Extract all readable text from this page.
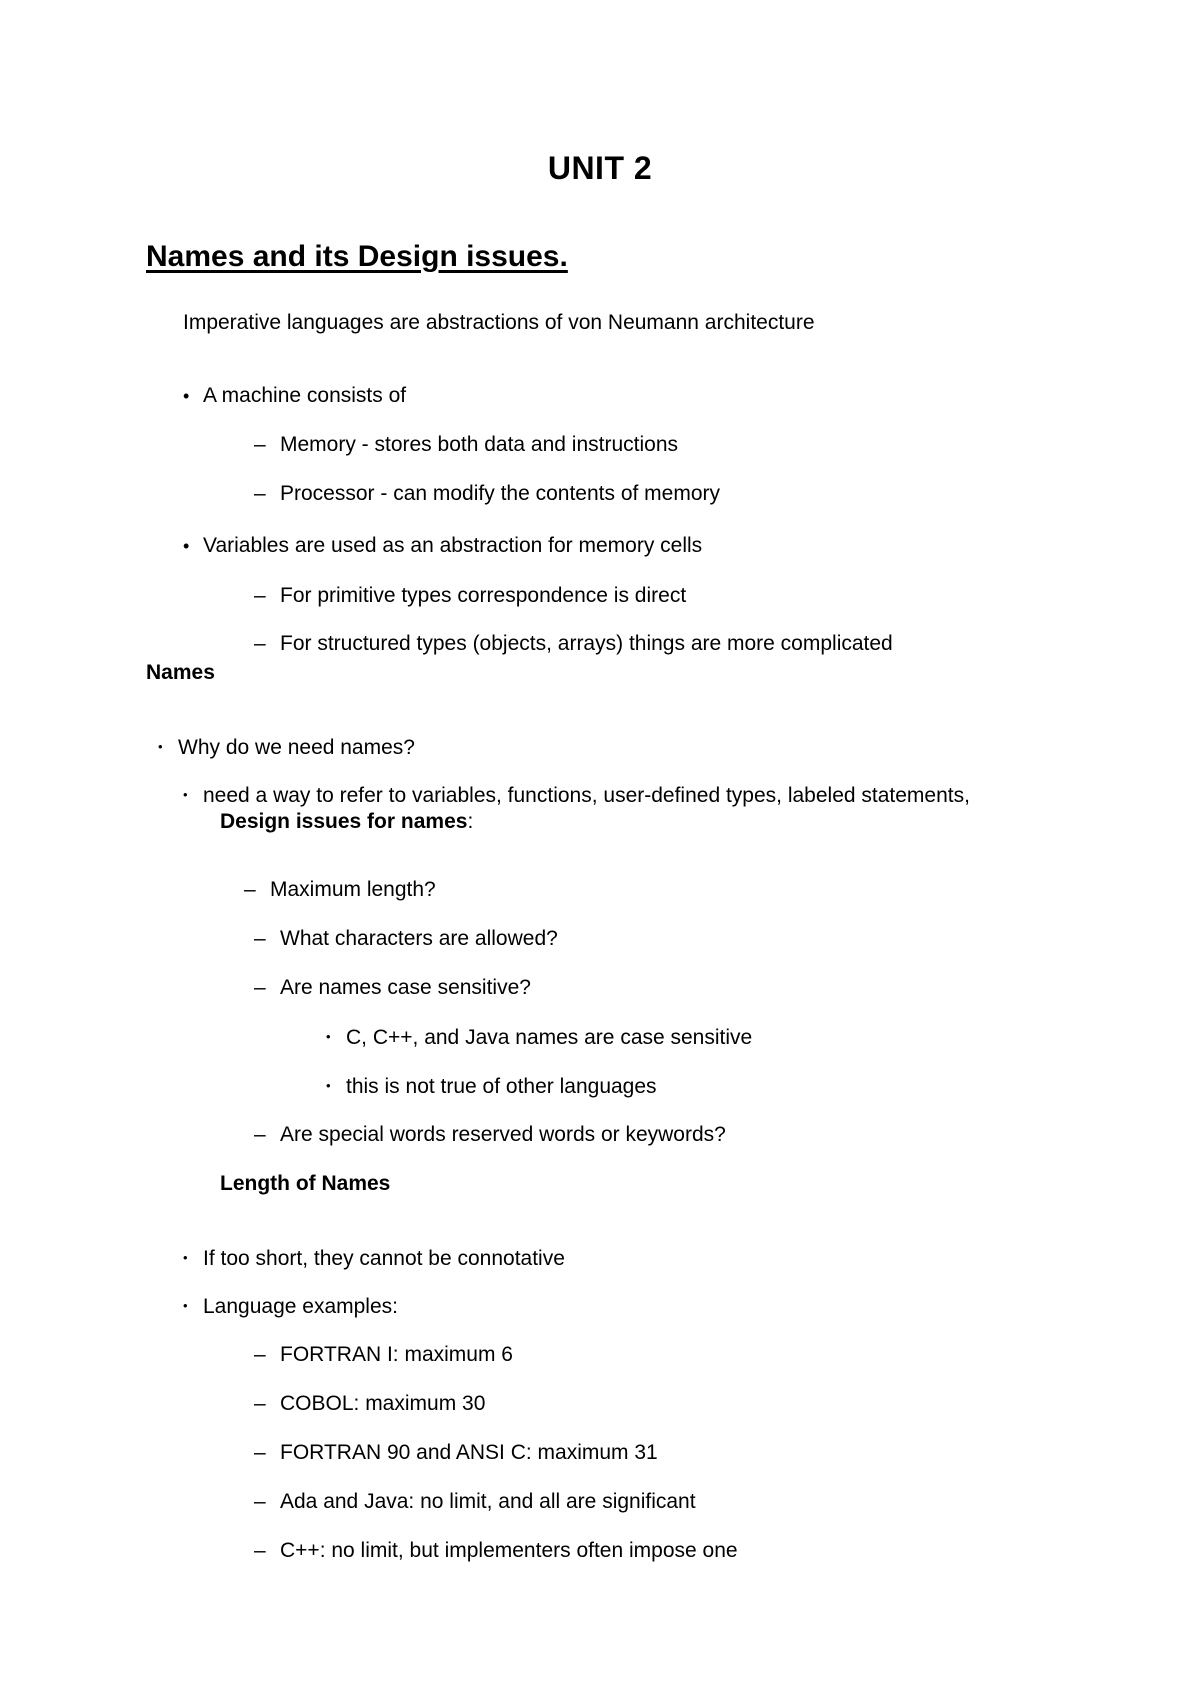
UNIT 2
Names and its Design issues.
Imperative languages are abstractions of von Neumann architecture
• A machine consists of
– Memory - stores both data and instructions
– Processor - can modify the contents of memory
• Variables are used as an abstraction for memory cells
– For primitive types correspondence is direct
– For structured types (objects, arrays) things are more complicated
Names
• Why do we need names?
• need a way to refer to variables, functions, user-defined types, labeled statements,
Design issues for names:
– Maximum length?
– What characters are allowed?
– Are names case sensitive?
• C, C++, and Java names are case sensitive
• this is not true of other languages
– Are special words reserved words or keywords?
Length of Names
• If too short, they cannot be connotative
• Language examples:
– FORTRAN I: maximum 6
– COBOL: maximum 30
– FORTRAN 90 and ANSI C: maximum 31
– Ada and Java: no limit, and all are significant
– C++: no limit, but implementers often impose one
